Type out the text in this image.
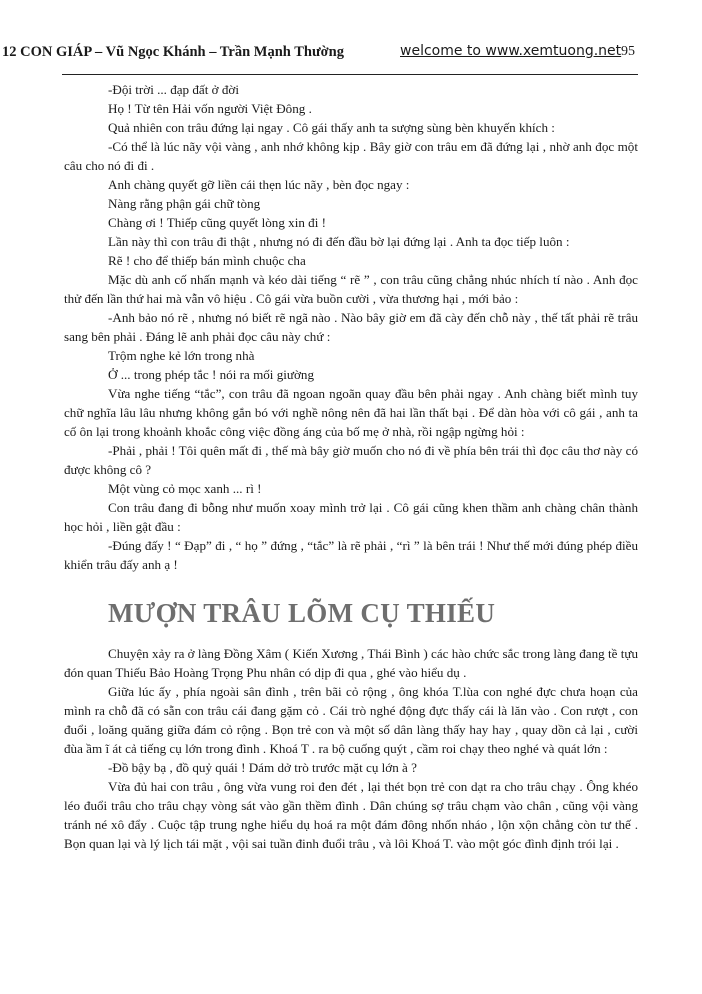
12 CON GIÁP – Vũ Ngọc Khánh – Trần Mạnh Thường	welcome to www.xemtuong.net 95

-Đội trời ... đạp đất ở đời

Họ ! Từ tên Hải vốn người Việt Đông .

Quả nhiên con trâu đứng lại ngay . Cô gái thấy anh ta sượng sùng bèn khuyến khích :

-Có thể là lúc nãy vội vàng , anh nhớ không kịp . Bây giờ con trâu em đã đứng lại , nhờ anh đọc một câu cho nó đi đi .

Anh chàng quyết gỡ liền cái thẹn lúc nãy , bèn đọc ngay :

Nàng rằng phận gái chữ tòng

Chàng ơi ! Thiếp cũng quyết lòng xin đi !

Lần này thì con trâu đi thật , nhưng nó đi đến đầu bờ lại đứng lại . Anh ta đọc tiếp luôn :

Rẽ ! cho để thiếp bán mình chuộc cha

Mặc dù anh cố nhấn mạnh và kéo dài tiếng “ rẽ ” , con trâu cũng chẳng nhúc nhích tí nào . Anh đọc thử đến lần thứ hai mà vẫn vô hiệu . Cô gái vừa buồn cười , vừa thương hại , mới bảo :

-Anh bảo nó rẽ , nhưng nó biết rẽ ngã nào . Nào bây giờ em đã cày đến chỗ này , thế tất phải rẽ trâu sang bên phải . Đáng lẽ anh phải đọc câu này chứ :

Trộm nghe kẻ lớn trong nhà

Ở ... trong phép tắc ! nói ra mối giường

Vừa nghe tiếng “tắc”, con trâu đã ngoan ngoãn quay đầu bên phải ngay . Anh chàng biết mình tuy chữ nghĩa lâu lâu nhưng không gắn bó với nghề nông nên đã hai lần thất bại . Để dàn hòa với cô gái , anh ta cố ôn lại trong khoảnh khoắc công việc đồng áng của bố mẹ ở nhà, rồi ngập ngừng hỏi :

-Phải , phải ! Tôi quên mất đi , thế mà bây giờ muốn cho nó đi về phía bên trái thì đọc câu thơ này có được không cô ?

Một vùng cỏ mọc xanh ... rì !

Con trâu đang đi bỗng như muốn xoay mình trở lại . Cô gái cũng khen thầm anh chàng chân thành học hỏi , liền gật đầu :

-Đúng đấy ! “ Đạp” đi , “ họ ” đứng , “tắc” là rẽ phải , “rì ” là bên trái ! Như thế mới đúng phép điều khiển trâu đấy anh ạ !

MƯỢN TRÂU LÕM CỤ THIẾU

Chuyện xảy ra ở làng Đồng Xâm ( Kiến Xương , Thái Bình ) các hào chức sắc trong làng đang tề tựu đón quan Thiếu Bảo Hoàng Trọng Phu nhân có dịp đi qua , ghé vào hiểu dụ .

Giữa lúc ấy , phía ngoài sân đình , trên bãi cỏ rộng , ông khóa T.lùa con nghé đực chưa hoạn của mình ra chỗ đã có sẵn con trâu cái đang gặm cỏ . Cái trò nghé động đực thấy cái là lăn vào . Con rượt , con đuổi , loăng quăng giữa đám cỏ rộng . Bọn trẻ con và một số dân làng thấy hay hay , quay dồn cả lại , cười đùa ầm ĩ át cả tiếng cụ lớn trong đình . Khoá T . ra bộ cuống quýt , cầm roi chạy theo nghé và quát lớn :

-Đồ bậy bạ , đồ quỷ quái ! Dám dở trò trước mặt cụ lớn à ?

Vừa đủ hai con trâu , ông vừa vung roi đen đét , lại thét bọn trẻ con dạt ra cho trâu chạy . Ông khéo léo đuổi trâu cho trâu chạy vòng sát vào gần thềm đình . Dân chúng sợ trâu chạm vào chân , cũng vội vàng tránh né xô đẩy . Cuộc tập trung nghe hiểu dụ hoá ra một đám đông nhốn nháo , lộn xộn chẳng còn tư thế . Bọn quan lại và lý lịch tái mặt , vội sai tuần đinh đuổi trâu , và lôi Khoá T. vào một góc đình định trói lại .
